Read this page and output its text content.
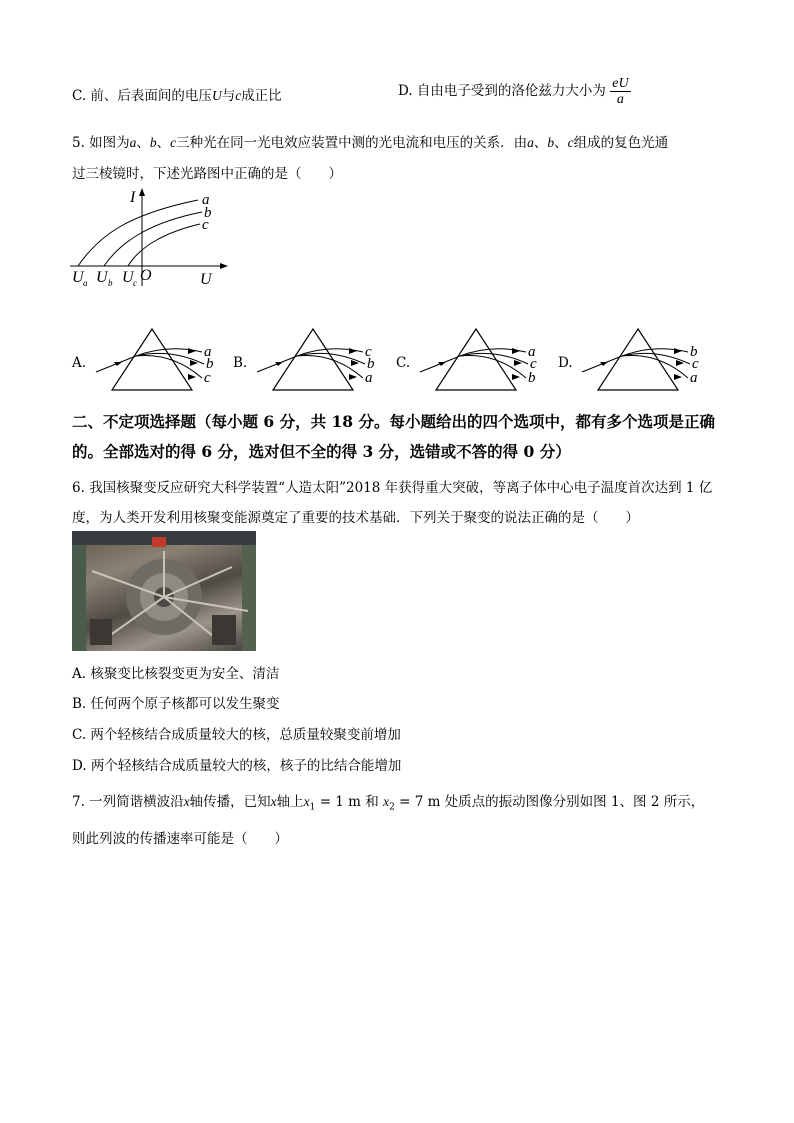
C. 前、后表面间的电压U与c成正比	D. 自由电子受到的洛伦兹力大小为 $\frac{eU}{a}$
5. 如图为a、b、c三种光在同一光电效应装置中测的光电流和电压的关系．由a、b、c组成的复色光通
过三棱镜时，下述光路图中正确的是（　　）
I	a
b
c
U a U b U c O	U
A.
a
b
c
B.
c
b
a
C.
a
c
b
D.
b
c
a
二、不定项选择题（每小题 6 分，共 18 分。每小题给出的四个选项中，都有多个选项是正确
的。全部选对的得 6 分，选对但不全的得 3 分，选错或不答的得 0 分）
6. 我国核聚变反应研究大科学装置“人造太阳”2018 年获得重大突破，等离子体中心电子温度首次达到 1 亿
度，为人类开发利用核聚变能源奠定了重要的技术基础．下列关于聚变的说法正确的是（　　）
A. 核聚变比核裂变更为安全、清洁
B. 任何两个原子核都可以发生聚变
C. 两个轻核结合成质量较大的核，总质量较聚变前增加
D. 两个轻核结合成质量较大的核，核子的比结合能增加
7. 一列简谐横波沿x轴传播，已知x轴上$x_1 = 1$ m 和 $x_2 = 7$ m 处质点的振动图像分别如图 1、图 2 所示，
则此列波的传播速率可能是（　　）
